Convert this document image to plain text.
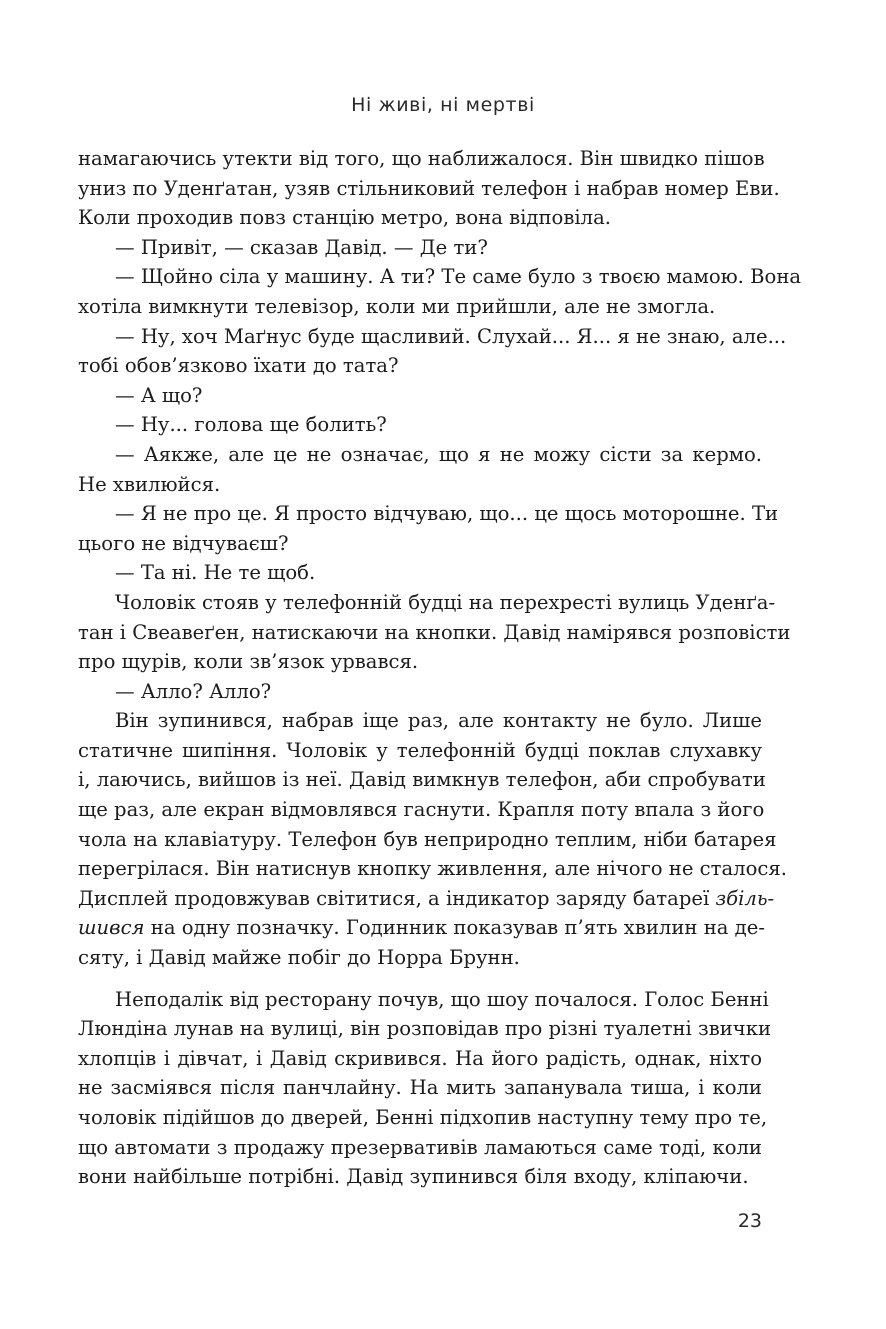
Ні живі, ні мертві

намагаючись утекти від того, що наближалося. Він швидко пішов

униз по Уденґатан, узяв стільниковий телефон і набрав номер Еви.

Коли проходив повз станцію метро, вона відповіла.

— Привіт, — сказав Давід. — Де ти?

— Щойно сіла у машину. А ти? Те саме було з твоєю мамою. Вона

хотіла вимкнути телевізор, коли ми прийшли, але не змогла.

— Ну, хоч Маґнус буде щасливий. Слухай... Я... я не знаю, але...

тобі обов’язково їхати до тата?

— А що?

— Ну... голова ще болить?

— Аякже, але це не означає, що я не можу сісти за кермо.

Не хвилюйся.

— Я не про це. Я просто відчуваю, що... це щось моторошне. Ти

цього не відчуваєш?

— Та ні. Не те щоб.

Чоловік стояв у телефонній будці на перехресті вулиць Уденґа-

тан і Свеавеґен, натискаючи на кнопки. Давід намірявся розповісти

про щурів, коли зв’язок урвався.

— Алло? Алло?

Він зупинився, набрав іще раз, але контакту не було. Лише

статичне шипіння. Чоловік у телефонній будці поклав слухавку

і, лаючись, вийшов із неї. Давід вимкнув телефон, аби спробувати

ще раз, але екран відмовлявся гаснути. Крапля поту впала з його

чола на клавіатуру. Телефон був неприродно теплим, ніби батарея

перегрілася. Він натиснув кнопку живлення, але нічого не сталося.

Дисплей продовжував світитися, а індикатор заряду батареї збіль-

шився на одну позначку. Годинник показував п’ять хвилин на де-

сяту, і Давід майже побіг до Норра Брунн.

Неподалік від ресторану почув, що шоу почалося. Голос Бенні

Люндіна лунав на вулиці, він розповідав про різні туалетні звички

хлопців і дівчат, і Давід скривився. На його радість, однак, ніхто

не засміявся після панчлайну. На мить запанувала тиша, і коли

чоловік підійшов до дверей, Бенні підхопив наступну тему про те,

що автомати з продажу презервативів ламаються саме тоді, коли

вони найбільше потрібні. Давід зупинився біля входу, кліпаючи.

23
